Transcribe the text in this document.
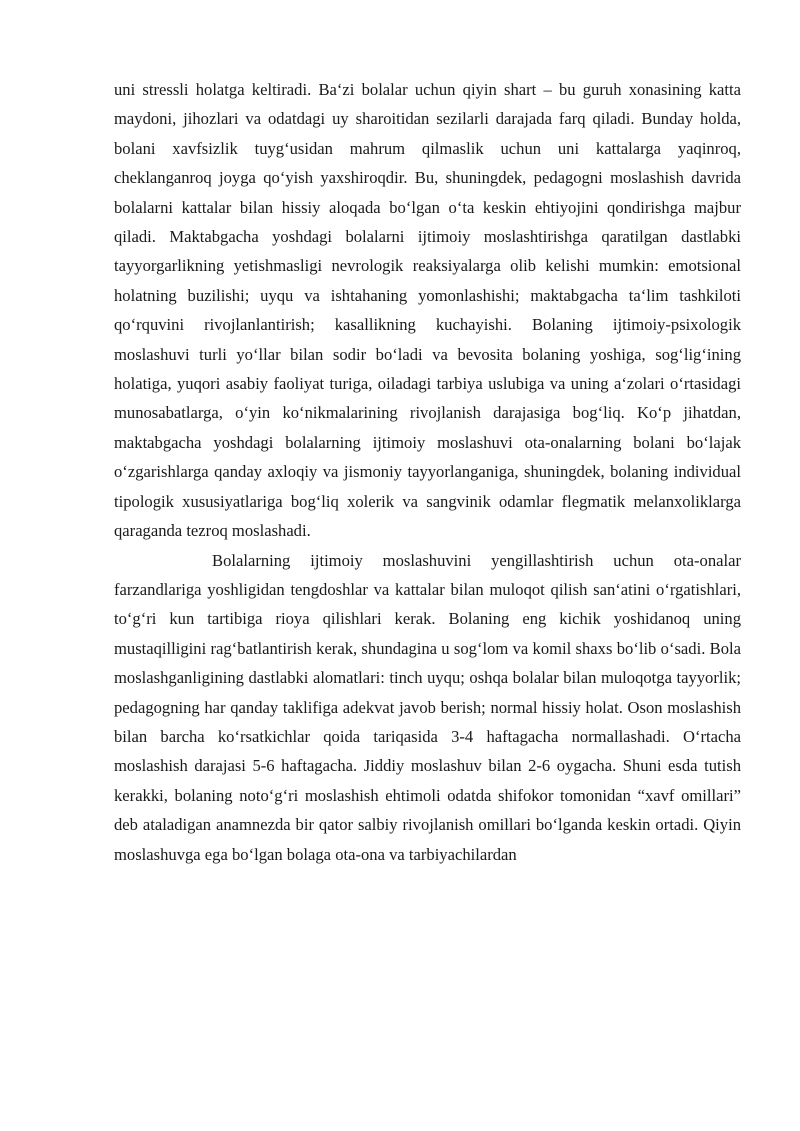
uni stressli holatga keltiradi. Ba‘zi bolalar uchun qiyin shart – bu guruh xonasining katta maydoni, jihozlari va odatdagi uy sharoitidan sezilarli darajada farq qiladi. Bunday holda, bolani xavfsizlik tuyg‘usidan mahrum qilmaslik uchun uni kattalarga yaqinroq, cheklanganroq joyga qo‘yish yaxshiroqdir. Bu, shuningdek, pedagogni moslashish davrida bolalarni kattalar bilan hissiy aloqada bo‘lgan o‘ta keskin ehtiyojini qondirishga majbur qiladi. Maktabgacha yoshdagi bolalarni ijtimoiy moslashtirishga qaratilgan dastlabki tayyorgarlikning yetishmasligi nevrologik reaksiyalarga olib kelishi mumkin: emotsional holatning buzilishi; uyqu va ishtahaning yomonlashishi; maktabgacha ta‘lim tashkiloti qo‘rquvini rivojlanlantirish; kasallikning kuchayishi. Bolaning ijtimoiy-psixologik moslashuvi turli yo‘llar bilan sodir bo‘ladi va bevosita bolaning yoshiga, sog‘lig‘ining holatiga, yuqori asabiy faoliyat turiga, oiladagi tarbiya uslubiga va uning a‘zolari o‘rtasidagi munosabatlarga, o‘yin ko‘nikmalarining rivojlanish darajasiga bog‘liq. Ko‘p jihatdan, maktabgacha yoshdagi bolalarning ijtimoiy moslashuvi ota-onalarning bolani bo‘lajak o‘zgarishlarga qanday axloqiy va jismoniy tayyorlanganiga, shuningdek, bolaning individual tipologik xususiyatlariga bog‘liq xolerik va sangvinik odamlar flegmatik melanxoliklarga qaraganda tezroq moslashadi.

Bolalarning ijtimoiy moslashuvini yengillashtirish uchun ota-onalar farzandlariga yoshligidan tengdoshlar va kattalar bilan muloqot qilish san‘atini o‘rgatishlari, to‘g‘ri kun tartibiga rioya qilishlari kerak. Bolaning eng kichik yoshidanoq uning mustaqilligini rag‘batlantirish kerak, shundagina u sog‘lom va komil shaxs bo‘lib o‘sadi. Bola moslashganligining dastlabki alomatlari: tinch uyqu; oshqa bolalar bilan muloqotga tayyorlik; pedagogning har qanday taklifiga adekvat javob berish; normal hissiy holat. Oson moslashish bilan barcha ko‘rsatkichlar qoida tariqasida 3-4 haftagacha normallashadi. O‘rtacha moslashish darajasi 5-6 haftagacha. Jiddiy moslashuv bilan 2-6 oygacha. Shuni esda tutish kerakki, bolaning noto‘g‘ri moslashish ehtimoli odatda shifokor tomonidan “xavf omillari” deb ataladigan anamnezda bir qator salbiy rivojlanish omillari bo‘lganda keskin ortadi. Qiyin moslashuvga ega bo‘lgan bolaga ota-ona va tarbiyachilardan
